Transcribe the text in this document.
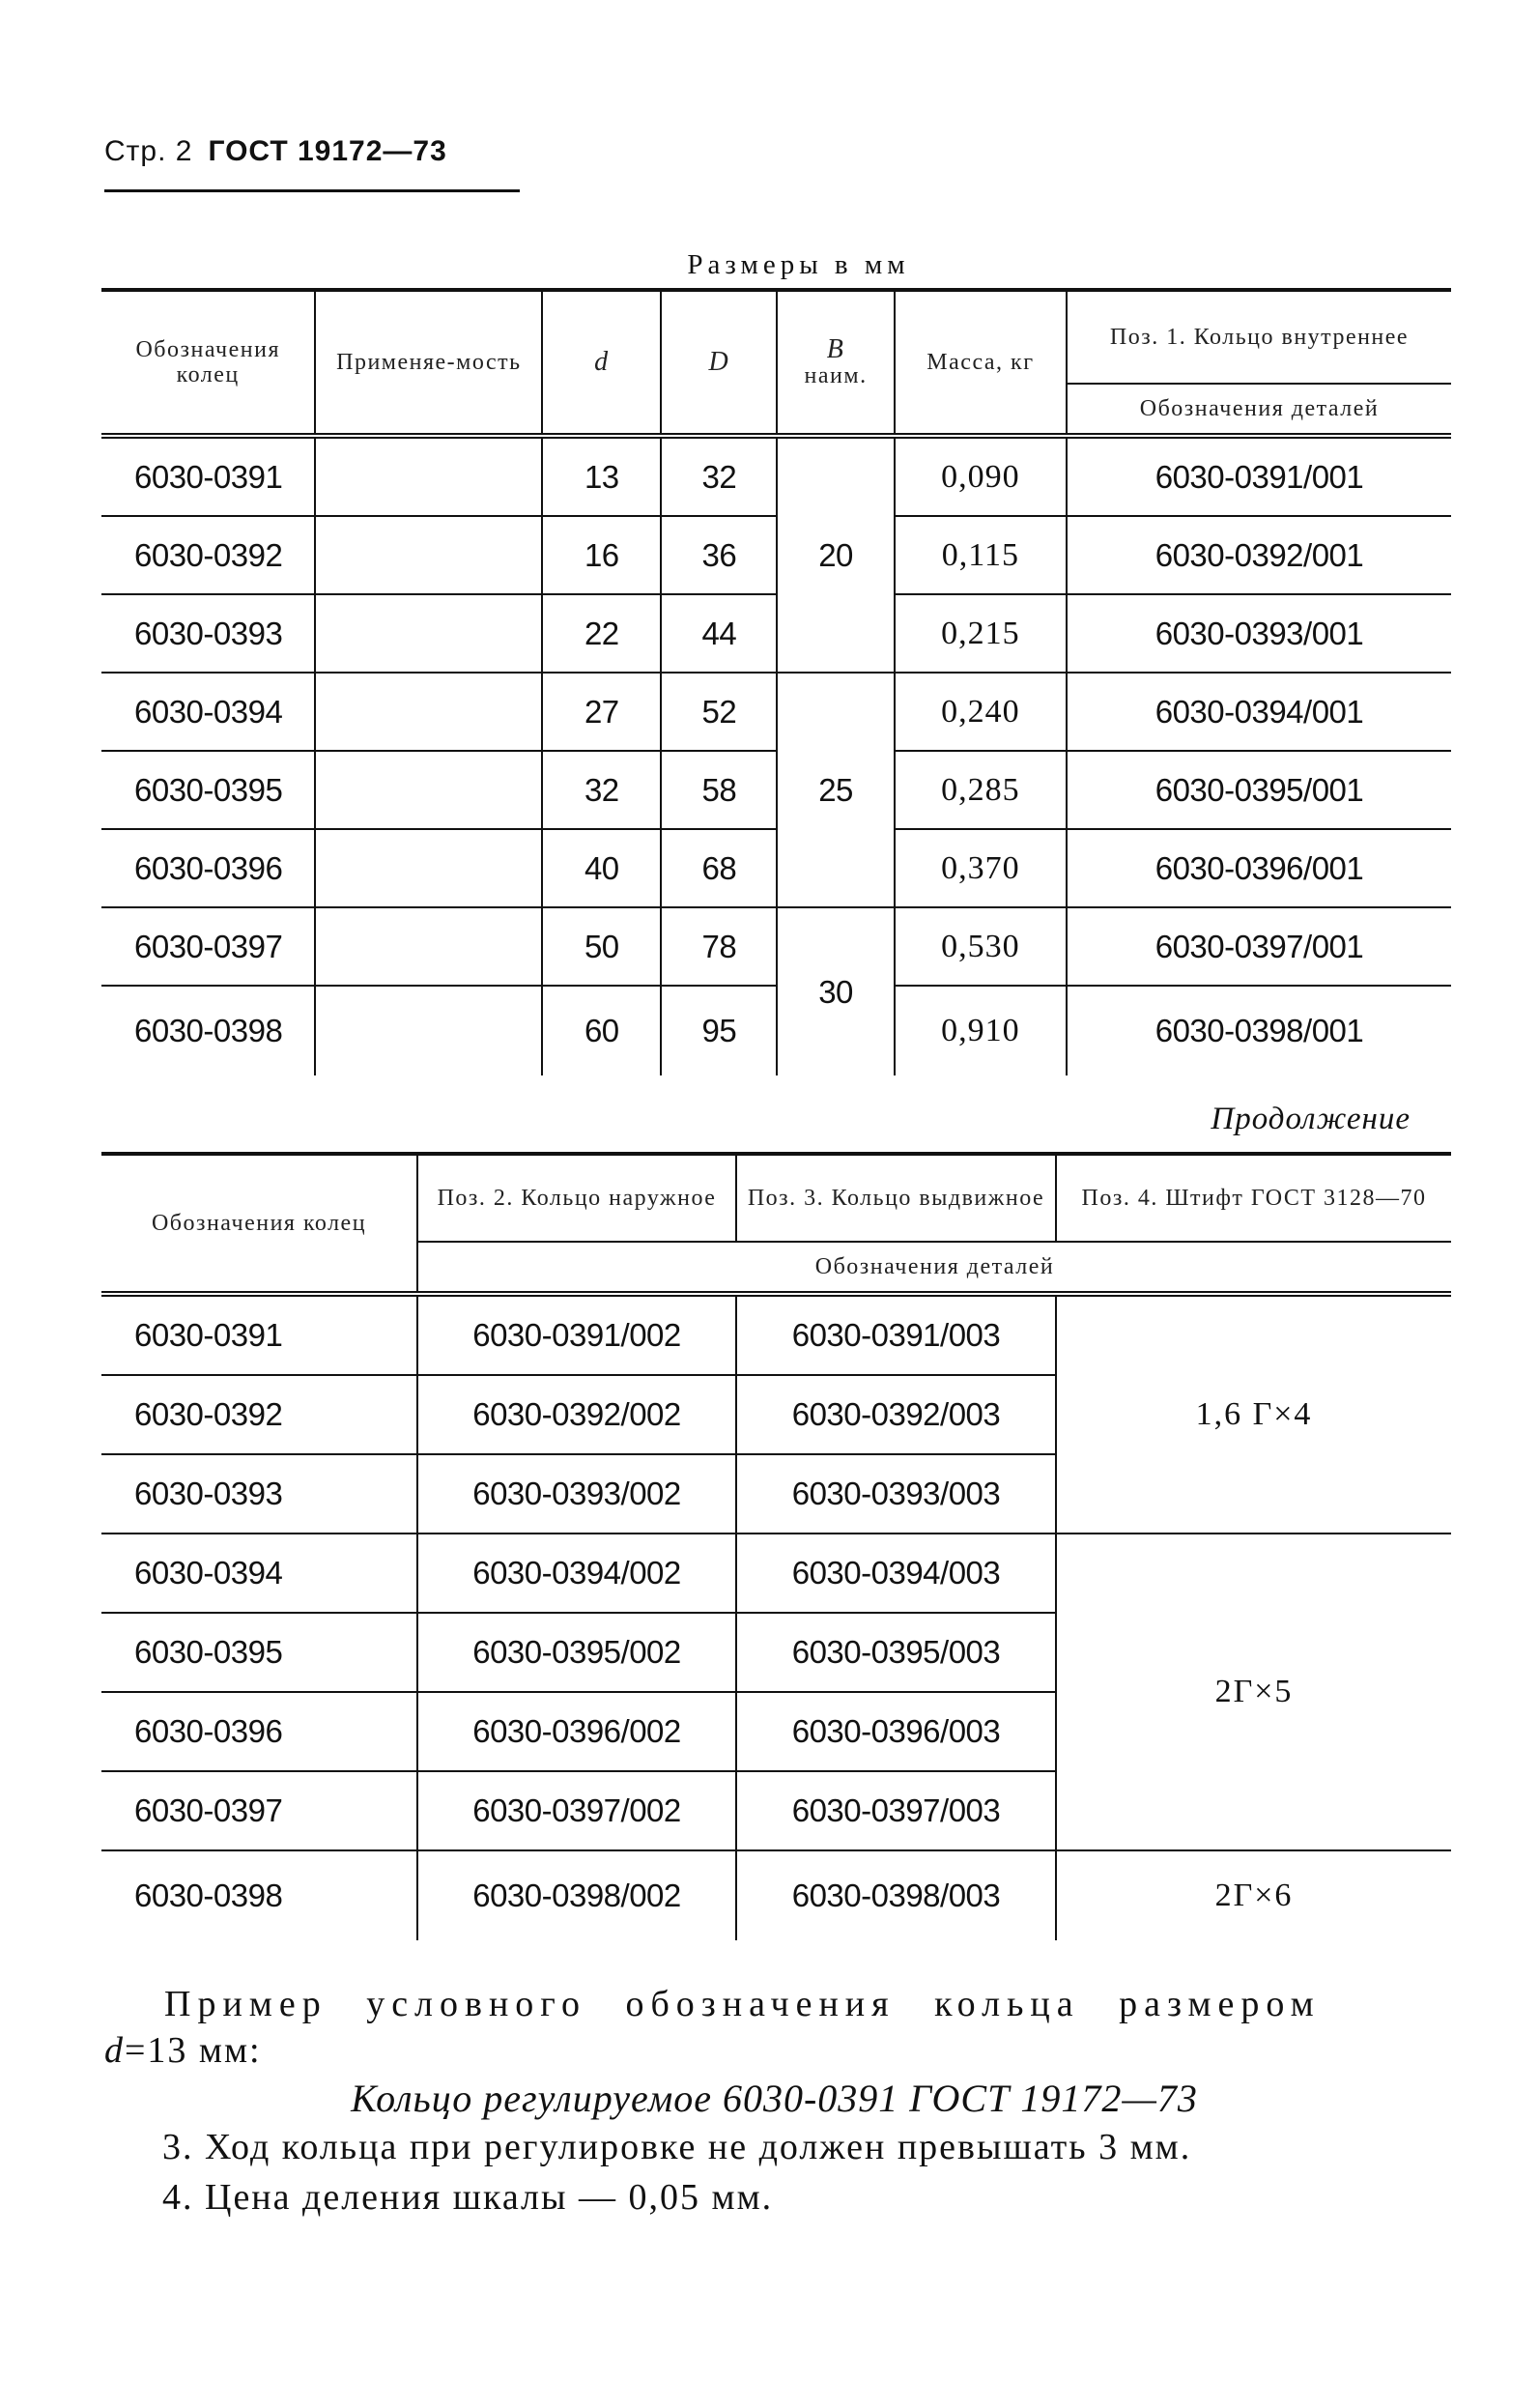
Стр. 2 ГОСТ 19172—73
Размеры в мм
Обозначения колец	Применяе-мость	d	D	B
наим.	Масса, кг	Поз. 1. Кольцо внутреннее
						Обозначения деталей
6030-0391		13	32	20	0,090	6030-0391/001
6030-0392		16	36		0,115	6030-0392/001
6030-0393		22	44		0,215	6030-0393/001
6030-0394		27	52	25	0,240	6030-0394/001
6030-0395		32	58		0,285	6030-0395/001
6030-0396		40	68		0,370	6030-0396/001
6030-0397		50	78	30	0,530	6030-0397/001
6030-0398		60	95		0,910	6030-0398/001
Продолжение
Обозначения колец	Поз. 2. Кольцо наружное	Поз. 3. Кольцо выдвижное	Поз. 4. Штифт ГОСТ 3128—70
	Обозначения деталей		
6030-0391	6030-0391/002	6030-0391/003	1,6 Г×4
6030-0392	6030-0392/002	6030-0392/003	
6030-0393	6030-0393/002	6030-0393/003	
6030-0394	6030-0394/002	6030-0394/003	2Г×5
6030-0395	6030-0395/002	6030-0395/003	
6030-0396	6030-0396/002	6030-0396/003	
6030-0397	6030-0397/002	6030-0397/003	
6030-0398	6030-0398/002	6030-0398/003	2Г×6
Пример условного обозначения кольца размером
d=13 мм:
Кольцо регулируемое 6030-0391 ГОСТ 19172—73
3. Ход кольца при регулировке не должен превышать 3 мм.
4. Цена деления шкалы — 0,05 мм.
